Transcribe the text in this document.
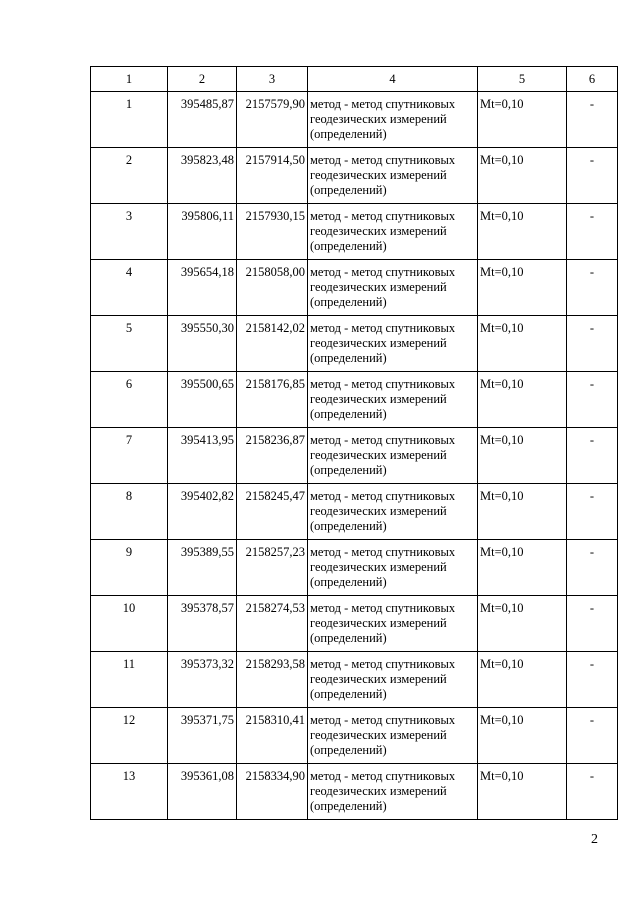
1	2	3	4	5	6
1	395485,87	2157579,90	метод - метод спутниковых геодезических измерений (определений)	Mt=0,10	-
2	395823,48	2157914,50	метод - метод спутниковых геодезических измерений (определений)	Mt=0,10	-
3	395806,11	2157930,15	метод - метод спутниковых геодезических измерений (определений)	Mt=0,10	-
4	395654,18	2158058,00	метод - метод спутниковых геодезических измерений (определений)	Mt=0,10	-
5	395550,30	2158142,02	метод - метод спутниковых геодезических измерений (определений)	Mt=0,10	-
6	395500,65	2158176,85	метод - метод спутниковых геодезических измерений (определений)	Mt=0,10	-
7	395413,95	2158236,87	метод - метод спутниковых геодезических измерений (определений)	Mt=0,10	-
8	395402,82	2158245,47	метод - метод спутниковых геодезических измерений (определений)	Mt=0,10	-
9	395389,55	2158257,23	метод - метод спутниковых геодезических измерений (определений)	Mt=0,10	-
10	395378,57	2158274,53	метод - метод спутниковых геодезических измерений (определений)	Mt=0,10	-
11	395373,32	2158293,58	метод - метод спутниковых геодезических измерений (определений)	Mt=0,10	-
12	395371,75	2158310,41	метод - метод спутниковых геодезических измерений (определений)	Mt=0,10	-
13	395361,08	2158334,90	метод - метод спутниковых геодезических измерений (определений)	Mt=0,10	-
2
